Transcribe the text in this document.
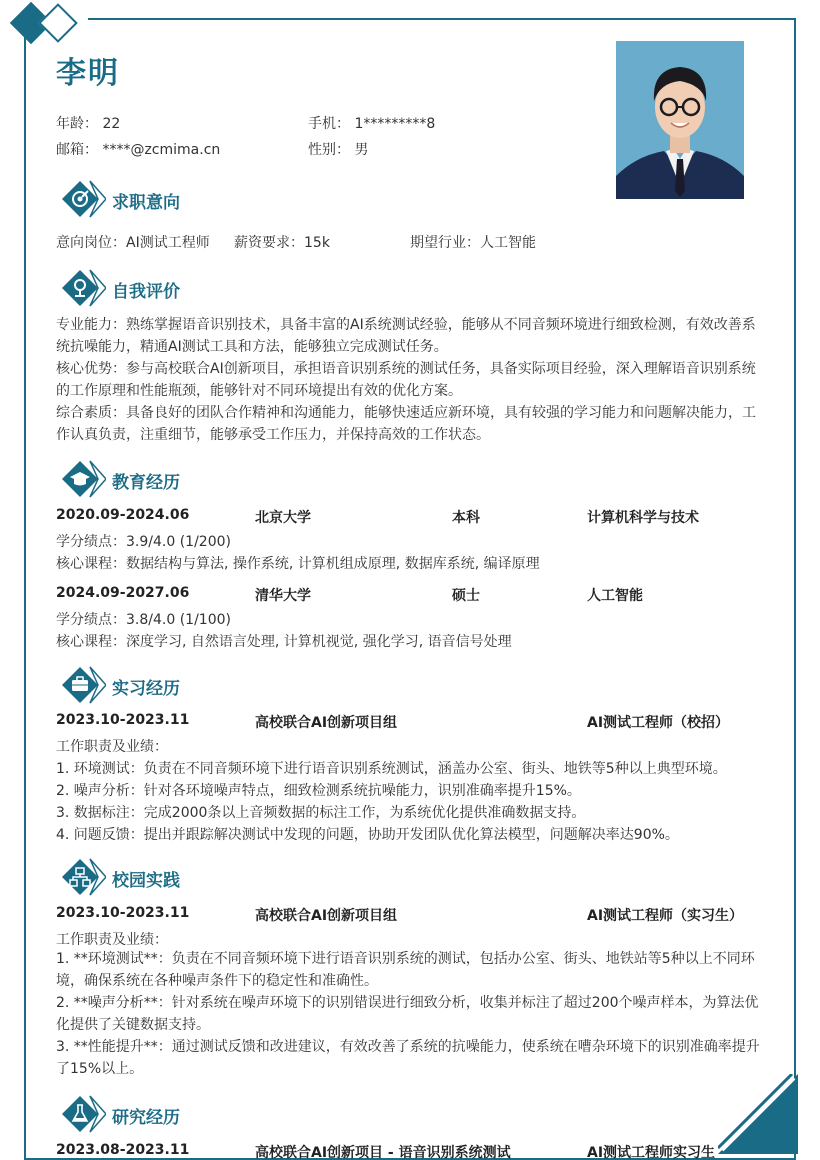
李明
年龄： 22	手机： 1*********8
邮箱： ****@zcmima.cn	性别： 男
求职意向
意向岗位：AI测试工程师 薪资要求：15k	期望行业：人工智能
自我评价
专业能力：熟练掌握语音识别技术，具备丰富的AI系统测试经验，能够从不同音频环境进行细致检测，有效改善系统抗噪能力，精通AI测试工具和方法，能够独立完成测试任务。
核心优势：参与高校联合AI创新项目，承担语音识别系统的测试任务，具备实际项目经验，深入理解语音识别系统的工作原理和性能瓶颈，能够针对不同环境提出有效的优化方案。
综合素质：具备良好的团队合作精神和沟通能力，能够快速适应新环境，具有较强的学习能力和问题解决能力，工作认真负责，注重细节，能够承受工作压力，并保持高效的工作状态。
教育经历
2020.09-2024.06	北京大学	本科	计算机科学与技术
学分绩点：3.9/4.0 (1/200)
核心课程：数据结构与算法, 操作系统, 计算机组成原理, 数据库系统, 编译原理
2024.09-2027.06	清华大学	硕士	人工智能
学分绩点：3.8/4.0 (1/100)
核心课程：深度学习, 自然语言处理, 计算机视觉, 强化学习, 语音信号处理
实习经历
2023.10-2023.11	高校联合AI创新项目组	AI测试工程师（校招）
工作职责及业绩：
1. 环境测试：负责在不同音频环境下进行语音识别系统测试，涵盖办公室、街头、地铁等5种以上典型环境。
2. 噪声分析：针对各环境噪声特点，细致检测系统抗噪能力，识别准确率提升15%。
3. 数据标注：完成2000条以上音频数据的标注工作，为系统优化提供准确数据支持。
4. 问题反馈：提出并跟踪解决测试中发现的问题，协助开发团队优化算法模型，问题解决率达90%。
校园实践
2023.10-2023.11	高校联合AI创新项目组	AI测试工程师（实习生）
工作职责及业绩：
1. **环境测试**：负责在不同音频环境下进行语音识别系统的测试，包括办公室、街头、地铁站等5种以上不同环境，确保系统在各种噪声条件下的稳定性和准确性。
2. **噪声分析**：针对系统在噪声环境下的识别错误进行细致分析，收集并标注了超过200个噪声样本，为算法优化提供了关键数据支持。
3. **性能提升**：通过测试反馈和改进建议，有效改善了系统的抗噪能力，使系统在嘈杂环境下的识别准确率提升了15%以上。
研究经历
2023.08-2023.11	高校联合AI创新项目 - 语音识别系统测试	AI测试工程师实习生
